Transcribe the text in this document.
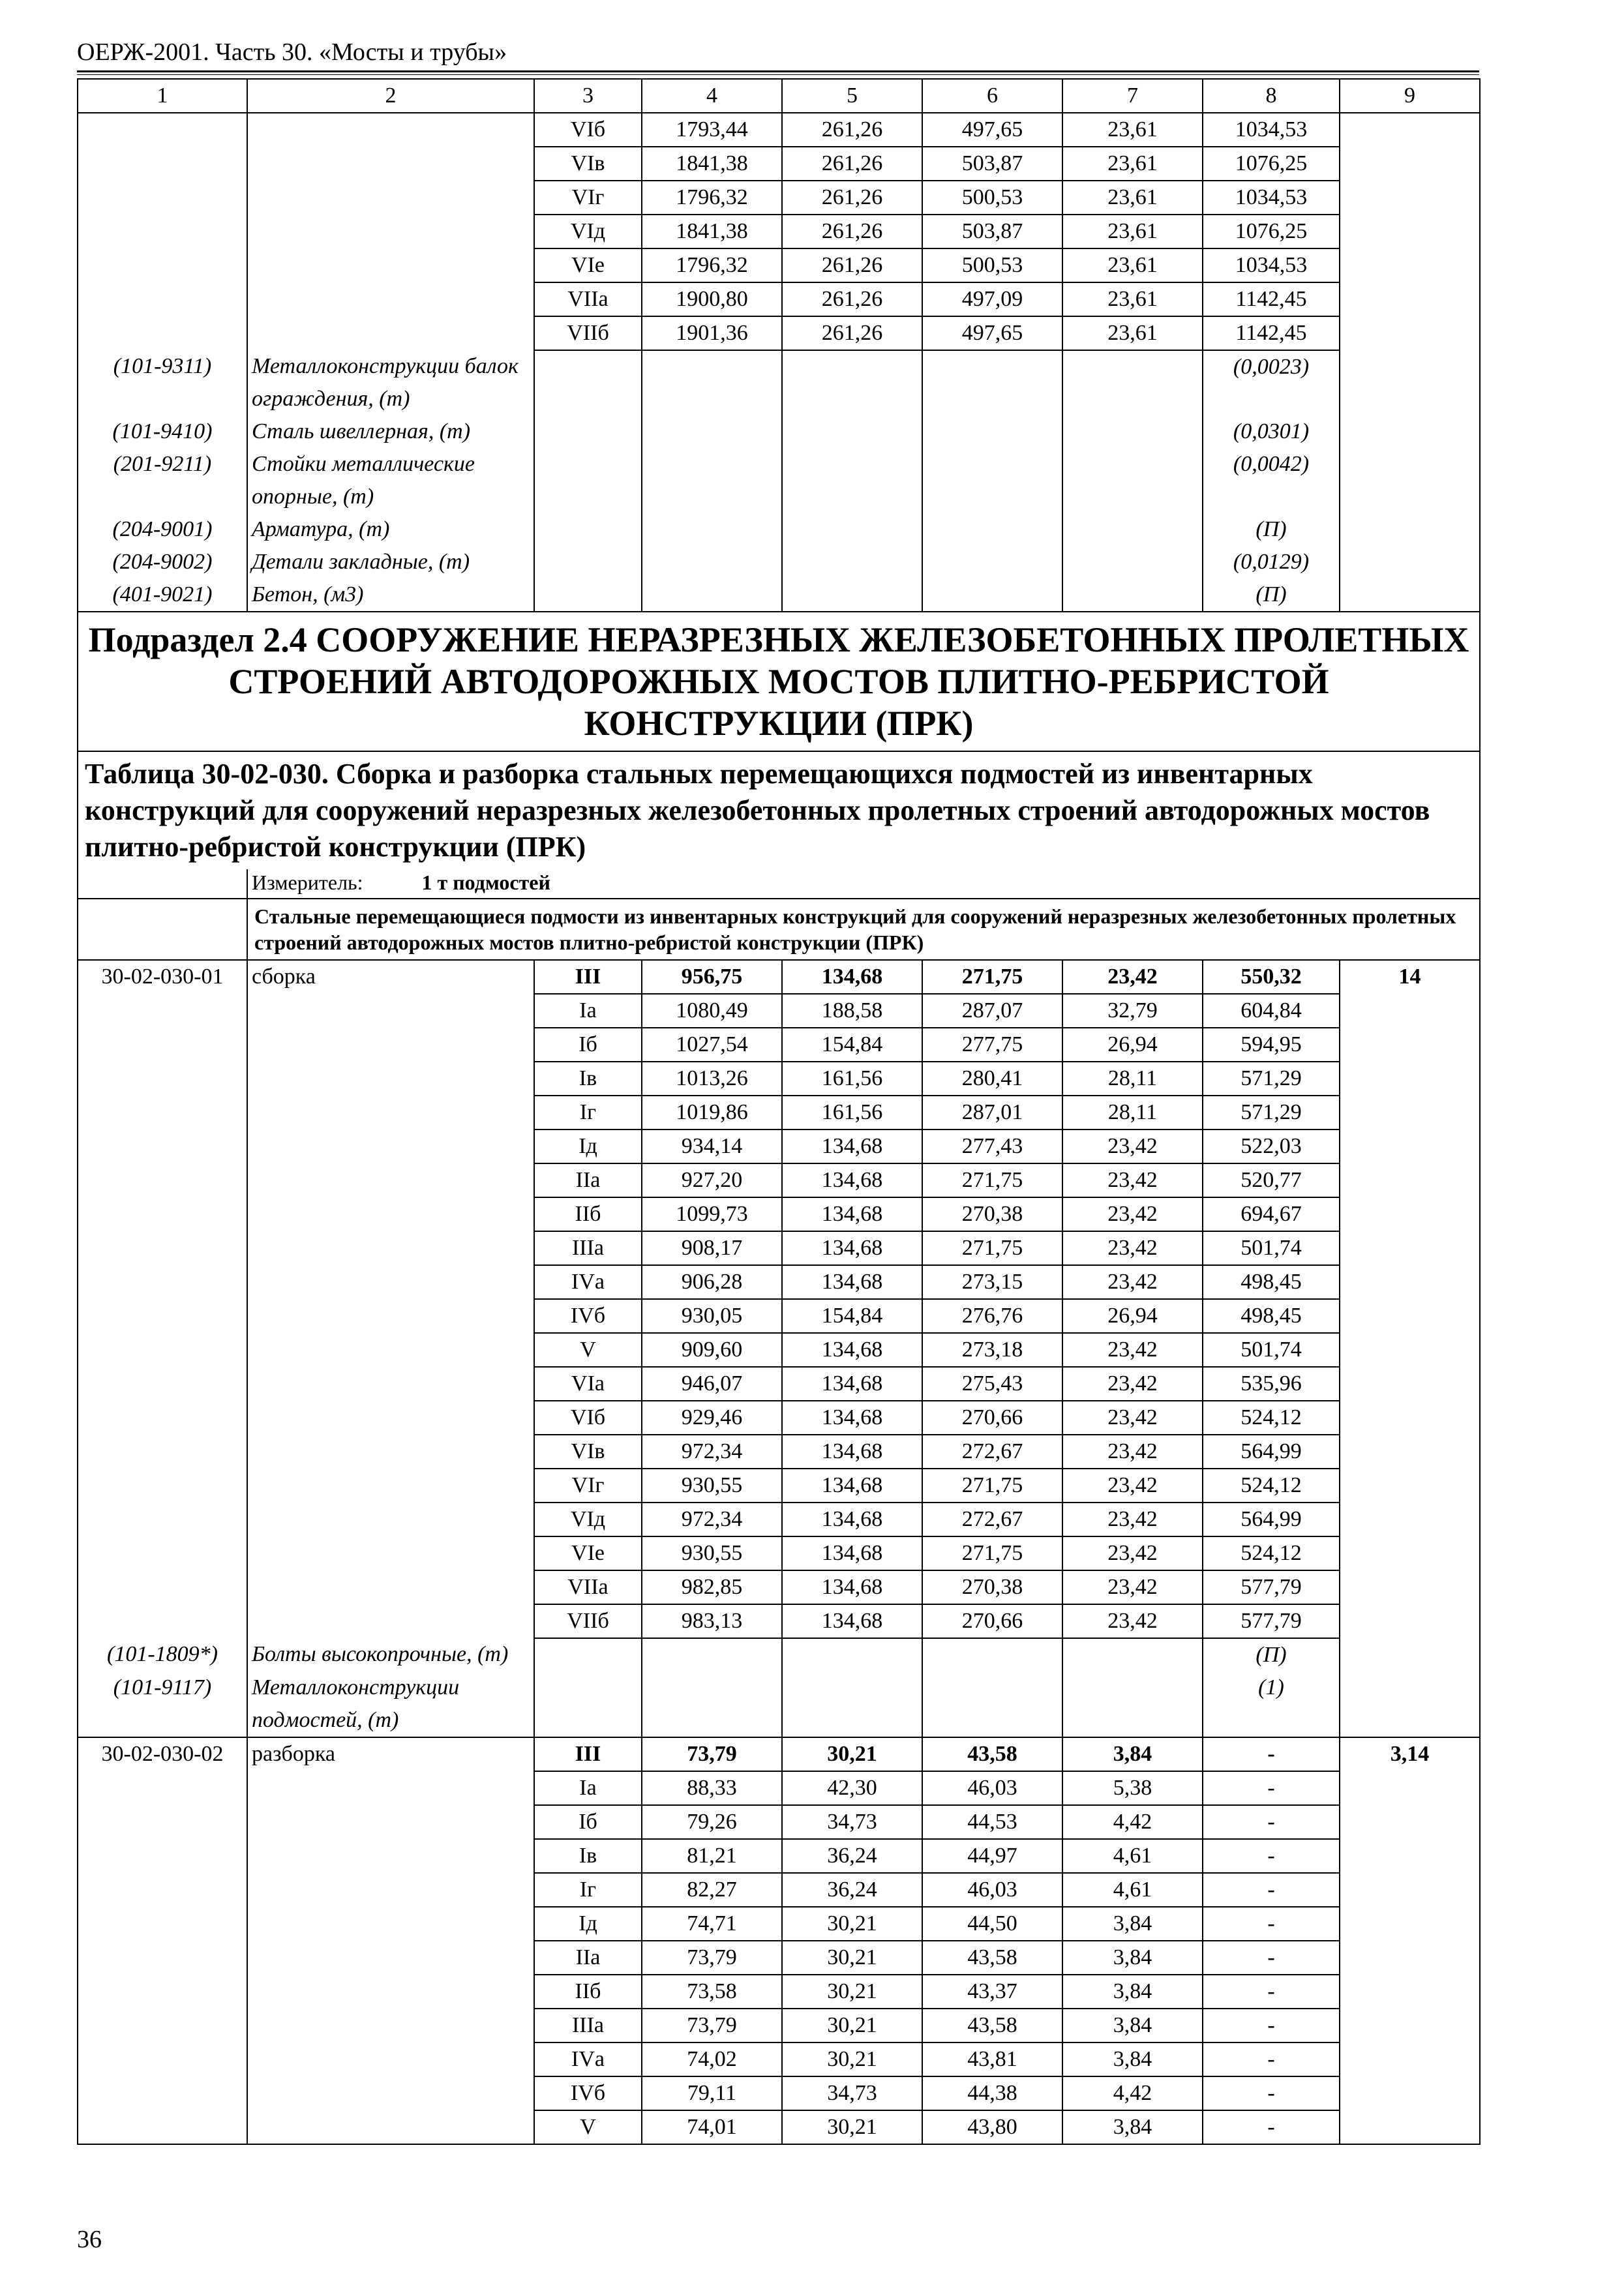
ОЕРЖ-2001. Часть 30. «Мосты и трубы»
1	2	3	4	5	6	7	8	9
		VIб	1793,44	261,26	497,65	23,61	1034,53	
		VIв	1841,38	261,26	503,87	23,61	1076,25	
		VIг	1796,32	261,26	500,53	23,61	1034,53	
		VIд	1841,38	261,26	503,87	23,61	1076,25	
		VIе	1796,32	261,26	500,53	23,61	1034,53	
		VIIа	1900,80	261,26	497,09	23,61	1142,45	
		VIIб	1901,36	261,26	497,65	23,61	1142,45	
(101-9311)	Металлоконструкции балок ограждения, (т)						(0,0023)	
(101-9410)	Сталь швеллерная, (т)						(0,0301)	
(201-9211)	Стойки металлические опорные, (т)						(0,0042)	
(204-9001)	Арматура, (т)						(П)	
(204-9002)	Детали закладные, (т)						(0,0129)	
(401-9021)	Бетон, (м3)						(П)	
Подраздел 2.4 СООРУЖЕНИЕ НЕРАЗРЕЗНЫХ ЖЕЛЕЗОБЕТОННЫХ ПРОЛЕТНЫХ СТРОЕНИЙ АВТОДОРОЖНЫХ МОСТОВ ПЛИТНО-РЕБРИСТОЙ КОНСТРУКЦИИ (ПРК)								
Таблица 30-02-030. Сборка и разборка стальных перемещающихся подмостей из инвентарных конструкций для сооружений неразрезных железобетонных пролетных строений автодорожных мостов плитно-ребристой конструкции (ПРК)								
	Измеритель: 1 т подмостей							
	Стальные перемещающиеся подмости из инвентарных конструкций для сооружений неразрезных железобетонных пролетных строений автодорожных мостов плитно-ребристой конструкции (ПРК)							
30-02-030-01	сборка	III	956,75	134,68	271,75	23,42	550,32	14
		Iа	1080,49	188,58	287,07	32,79	604,84	
		Iб	1027,54	154,84	277,75	26,94	594,95	
		Iв	1013,26	161,56	280,41	28,11	571,29	
		Iг	1019,86	161,56	287,01	28,11	571,29	
		Iд	934,14	134,68	277,43	23,42	522,03	
		IIа	927,20	134,68	271,75	23,42	520,77	
		IIб	1099,73	134,68	270,38	23,42	694,67	
		IIIа	908,17	134,68	271,75	23,42	501,74	
		IVа	906,28	134,68	273,15	23,42	498,45	
		IVб	930,05	154,84	276,76	26,94	498,45	
		V	909,60	134,68	273,18	23,42	501,74	
		VIа	946,07	134,68	275,43	23,42	535,96	
		VIб	929,46	134,68	270,66	23,42	524,12	
		VIв	972,34	134,68	272,67	23,42	564,99	
		VIг	930,55	134,68	271,75	23,42	524,12	
		VIд	972,34	134,68	272,67	23,42	564,99	
		VIе	930,55	134,68	271,75	23,42	524,12	
		VIIа	982,85	134,68	270,38	23,42	577,79	
		VIIб	983,13	134,68	270,66	23,42	577,79	
(101-1809*)	Болты высокопрочные, (т)						(П)	
(101-9117)	Металлоконструкции подмостей, (т)						(1)	
30-02-030-02	разборка	III	73,79	30,21	43,58	3,84	-	3,14
		Iа	88,33	42,30	46,03	5,38	-	
		Iб	79,26	34,73	44,53	4,42	-	
		Iв	81,21	36,24	44,97	4,61	-	
		Iг	82,27	36,24	46,03	4,61	-	
		Iд	74,71	30,21	44,50	3,84	-	
		IIа	73,79	30,21	43,58	3,84	-	
		IIб	73,58	30,21	43,37	3,84	-	
		IIIа	73,79	30,21	43,58	3,84	-	
		IVа	74,02	30,21	43,81	3,84	-	
		IVб	79,11	34,73	44,38	4,42	-	
		V	74,01	30,21	43,80	3,84	-	
36
